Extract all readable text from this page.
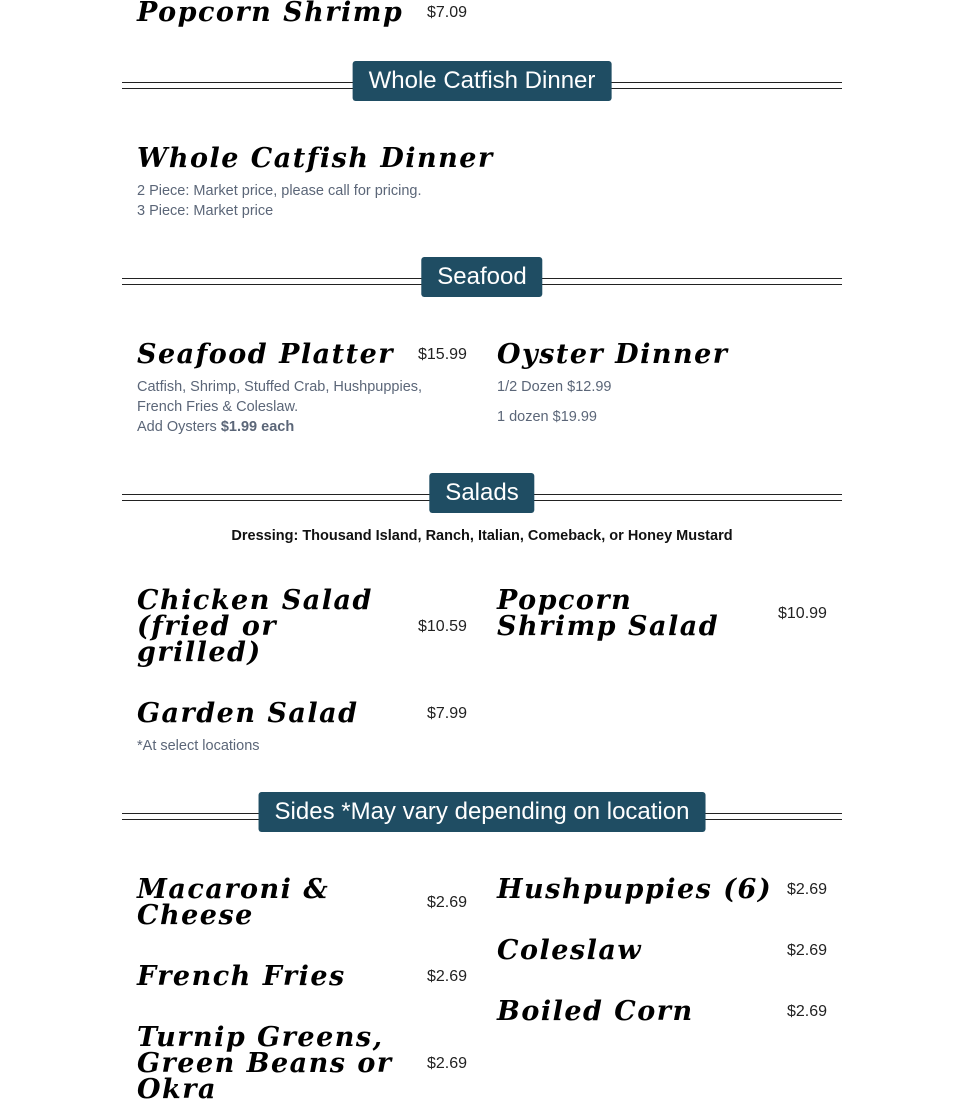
Popcorn Shrimp $7.09
Whole Catfish Dinner
Whole Catfish Dinner
2 Piece: Market price, please call for pricing.
3 Piece: Market price
Seafood
Seafood Platter $15.99
Catfish, Shrimp, Stuffed Crab, Hushpuppies,
French Fries & Coleslaw.
Add Oysters $1.99 each
Oyster Dinner
1/2 Dozen $12.99
1 dozen $19.99
Salads
Dressing: Thousand Island, Ranch, Italian, Comeback, or Honey Mustard
Chicken Salad
(fried or
grilled)
$10.59
Popcorn
Shrimp Salad	$10.99
Garden Salad	$7.99
*At select locations
Sides *May vary depending on location
Macaroni &
Cheese	$2.69
French Fries	$2.69
Turnip Greens,
Green Beans or
Okra
$2.69
Hushpuppies (6) $2.69
Coleslaw	$2.69
Boiled Corn	$2.69
